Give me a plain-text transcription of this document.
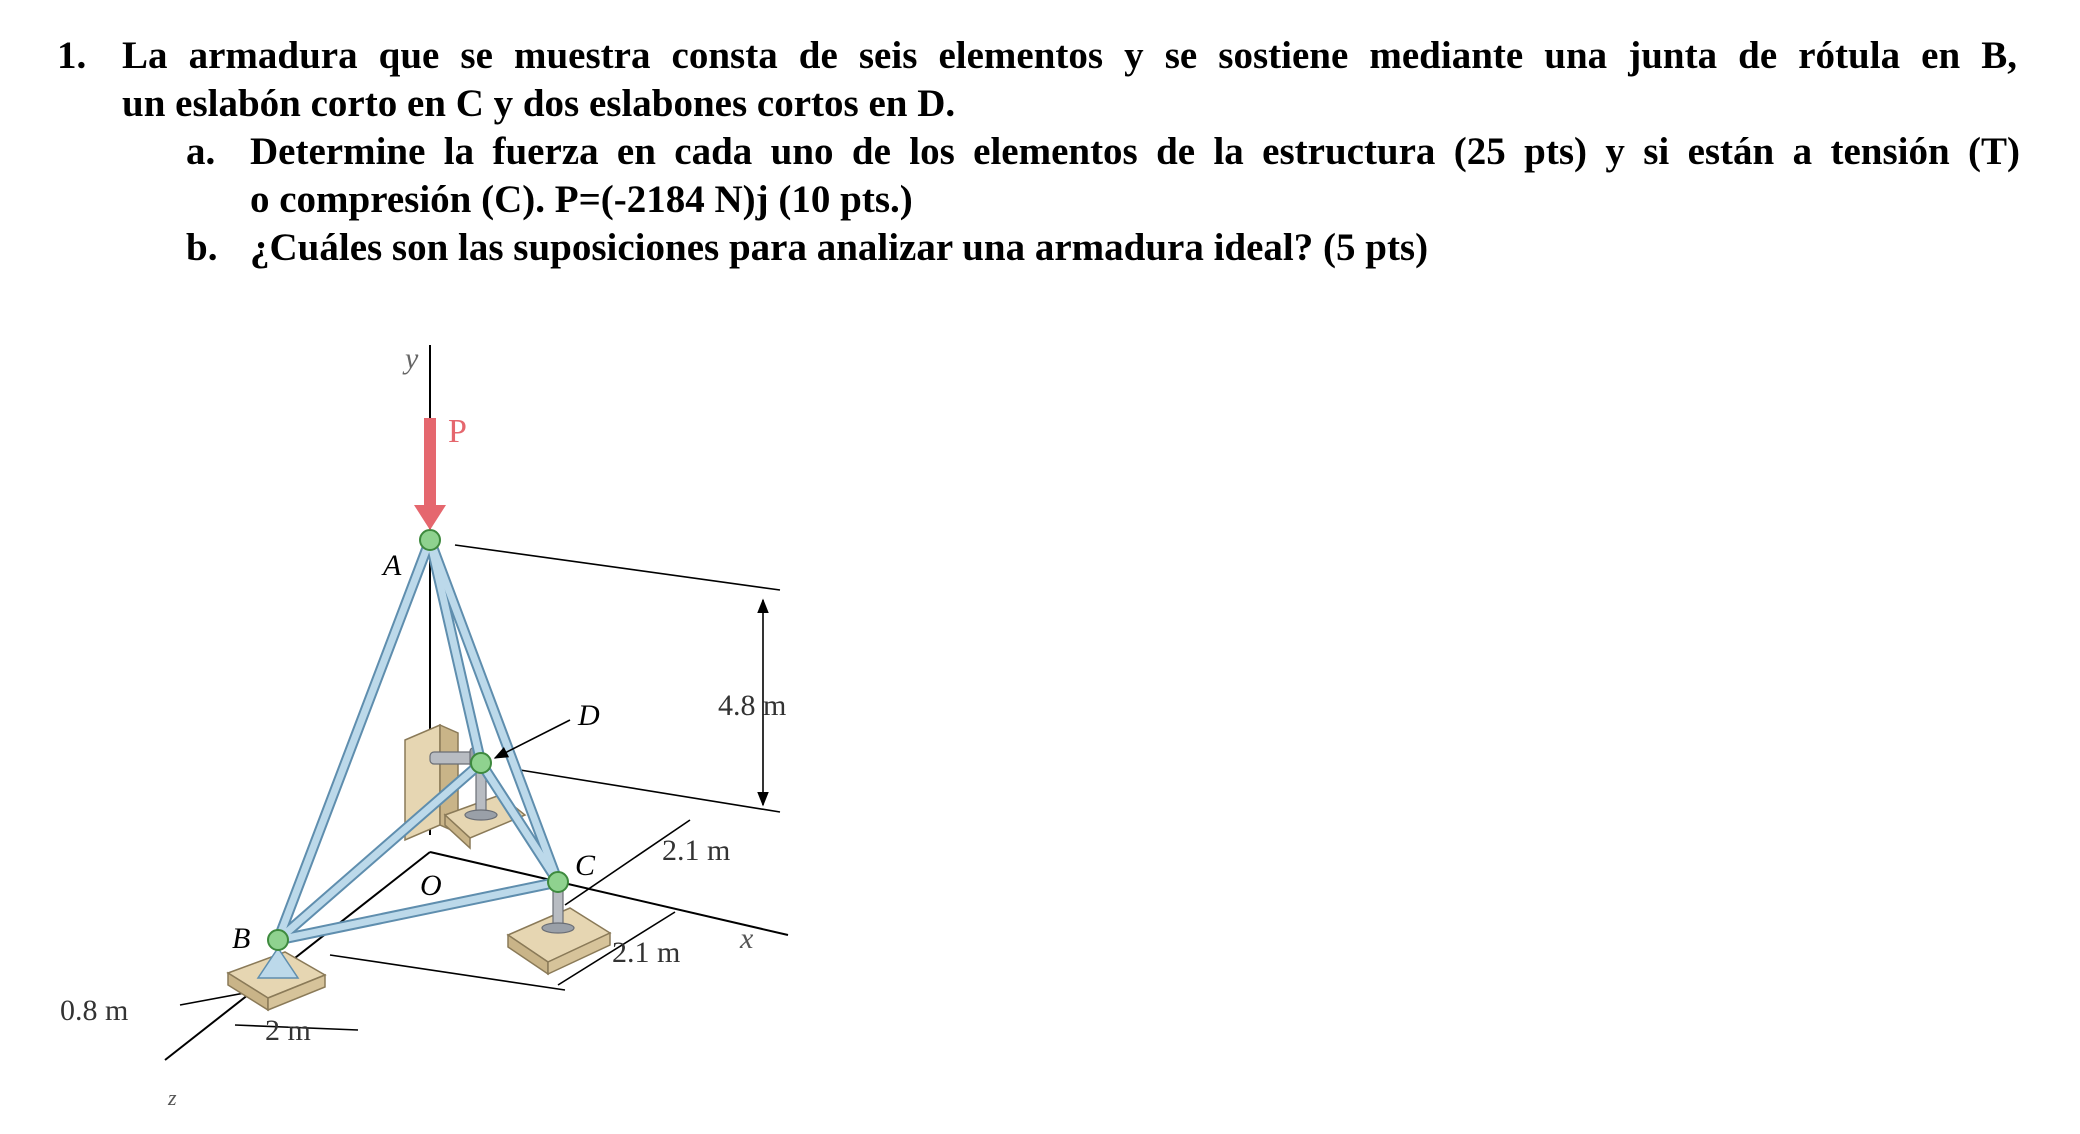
1. La armadura que se muestra consta de seis elementos y se sostiene mediante una junta de rótula en B,
un eslabón corto en C y dos eslabones cortos en D.
a. Determine la fuerza en cada uno de los elementos de la estructura (25 pts) y si están a tensión (T)
o compresión (C). P=(-2184 N)j (10 pts.)
b. ¿Cuáles son las suposiciones para analizar una armadura ideal? (5 pts)
y
P
A
D
C
O
B	x
z
4.8 m
2.1 m
2.1 m
0.8 m
2 m
